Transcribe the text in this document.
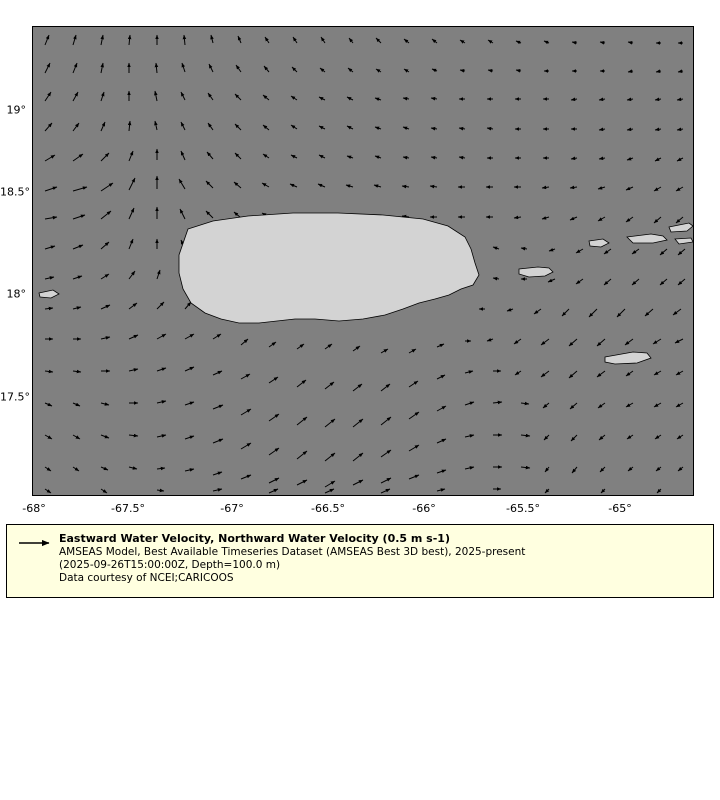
19°
18.5°
18°
17.5°
-68°	-67.5°	-67°	-66.5°	-66°	-65.5°	-65°
Eastward Water Velocity, Northward Water Velocity (0.5 m s-1)
AMSEAS Model, Best Available Timeseries Dataset (AMSEAS Best 3D best), 2025-present
(2025-09-26T15:00:00Z, Depth=100.0 m)
Data courtesy of NCEI;CARICOOS
